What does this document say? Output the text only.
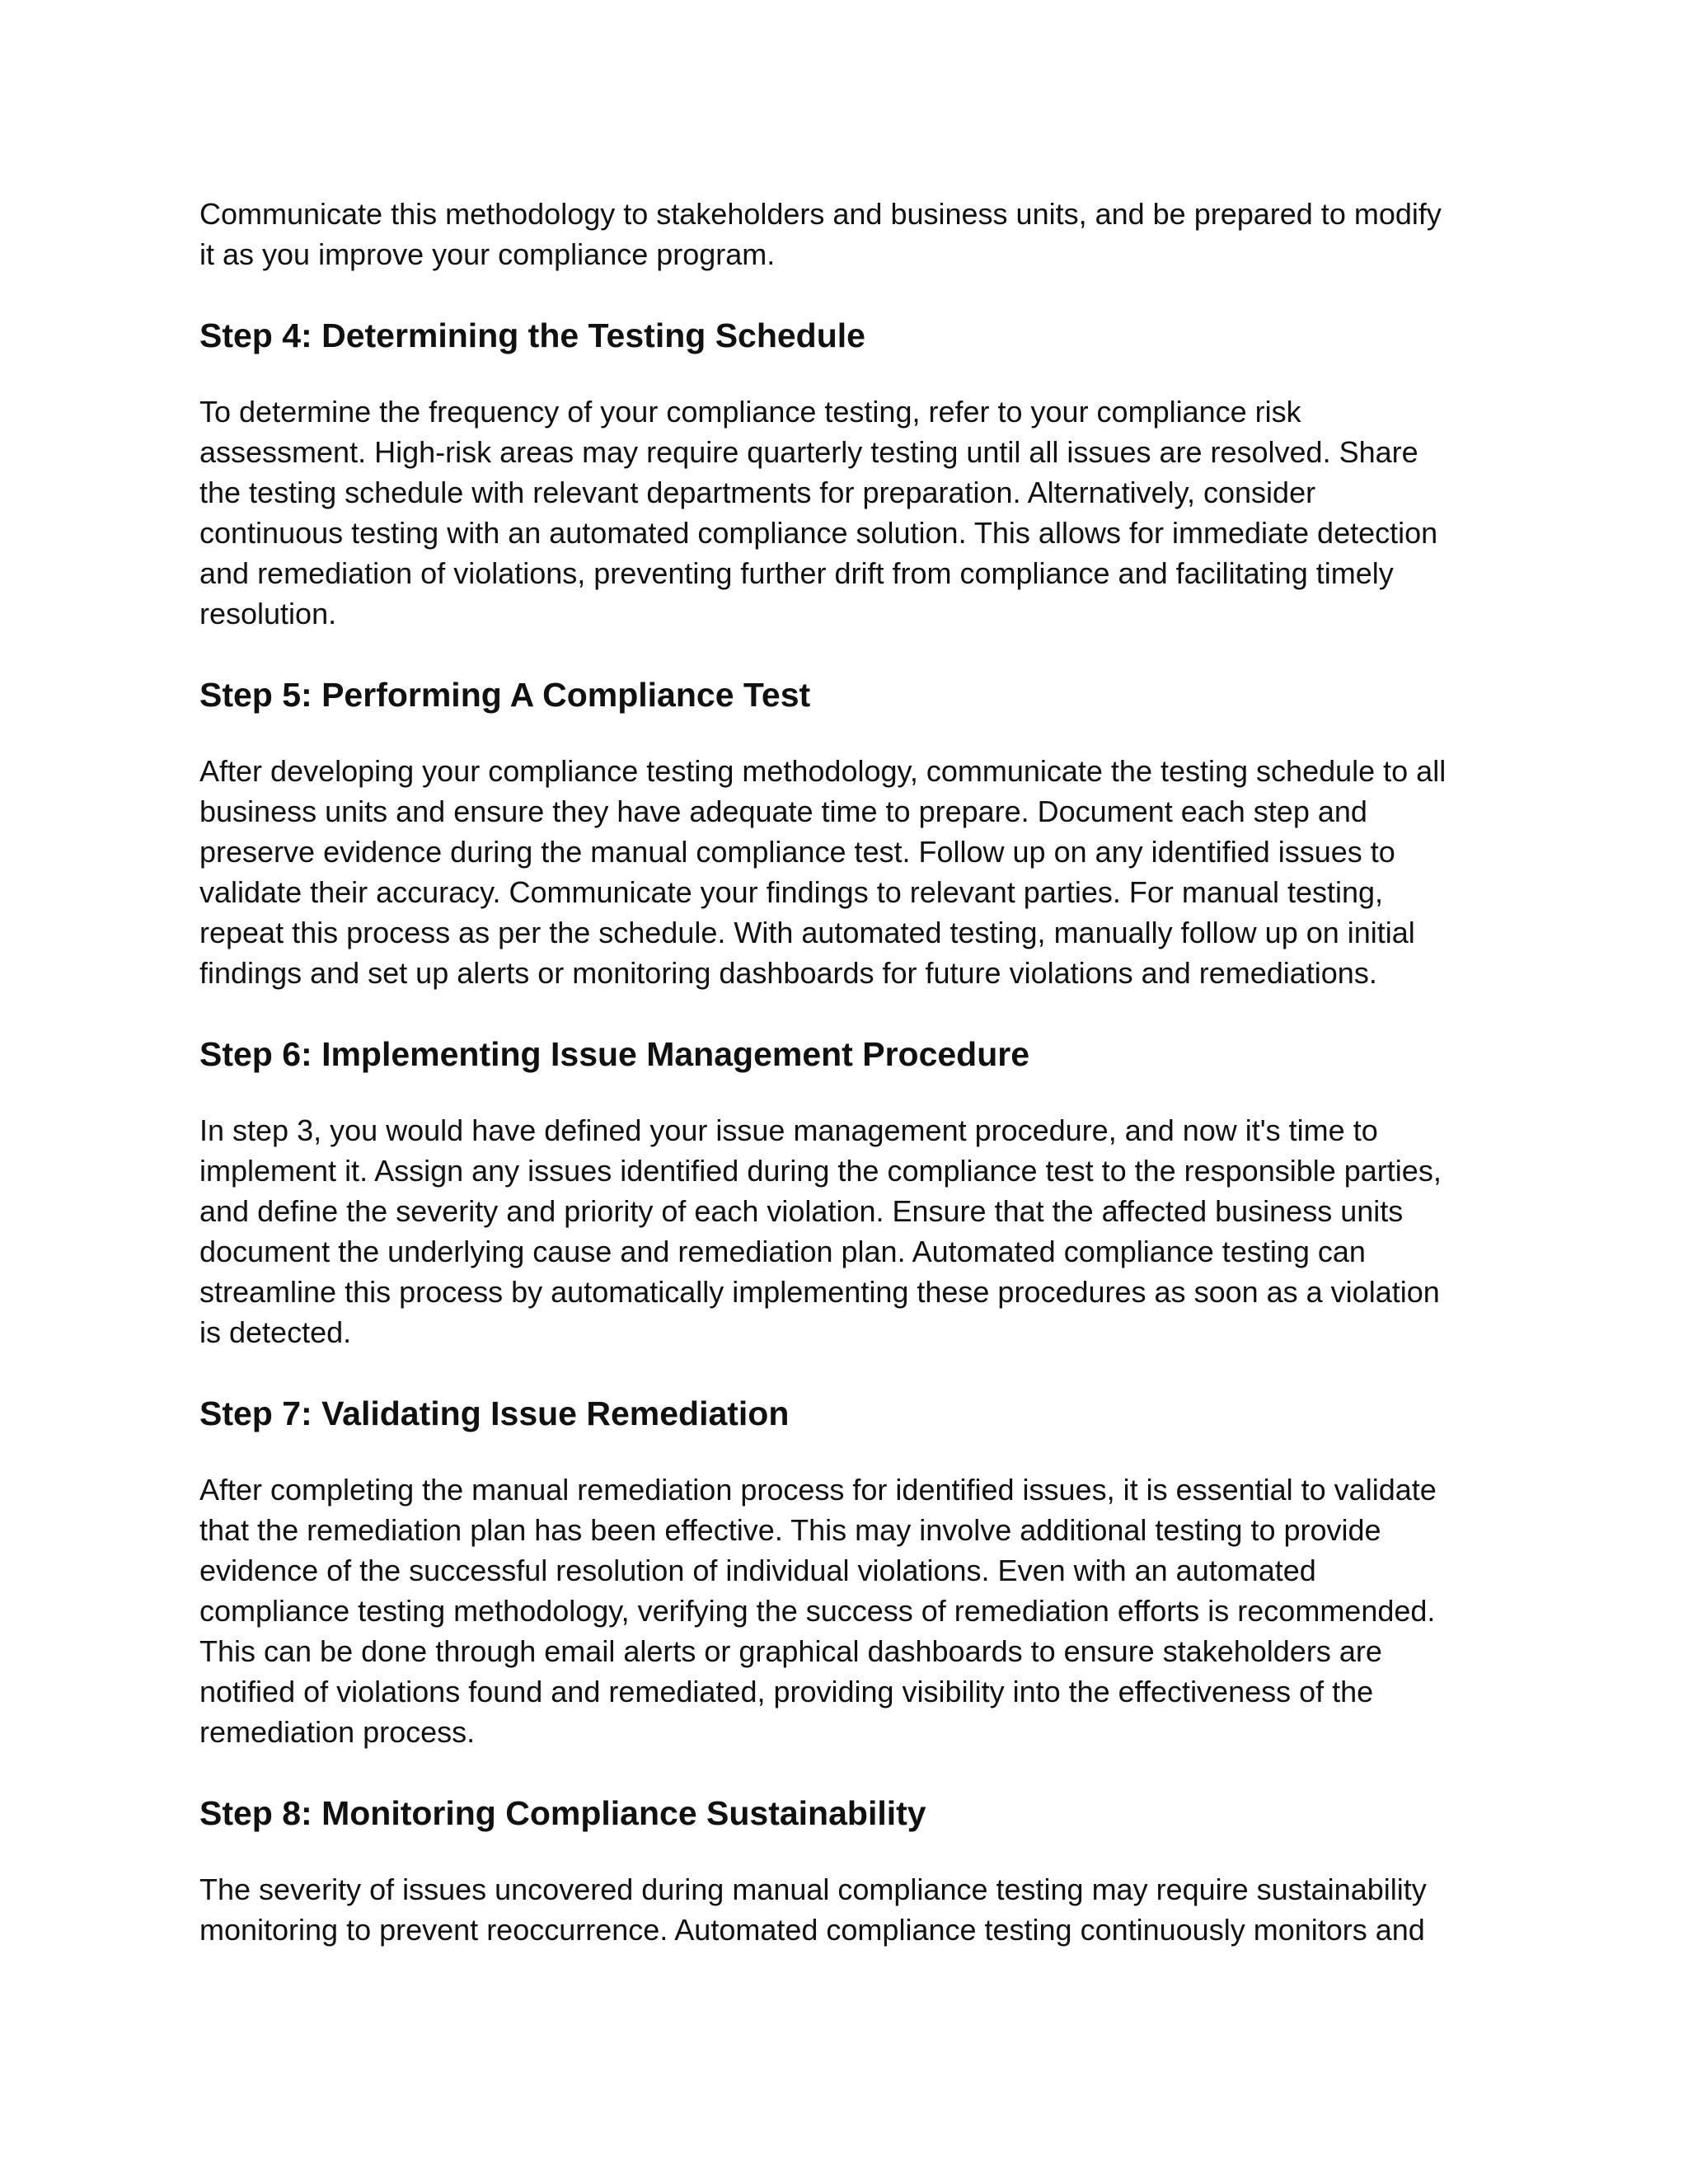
Communicate this methodology to stakeholders and business units, and be prepared to modify
it as you improve your compliance program.

Step 4: Determining the Testing Schedule

To determine the frequency of your compliance testing, refer to your compliance risk
assessment. High-risk areas may require quarterly testing until all issues are resolved. Share
the testing schedule with relevant departments for preparation. Alternatively, consider
continuous testing with an automated compliance solution. This allows for immediate detection
and remediation of violations, preventing further drift from compliance and facilitating timely
resolution.

Step 5: Performing A Compliance Test

After developing your compliance testing methodology, communicate the testing schedule to all
business units and ensure they have adequate time to prepare. Document each step and
preserve evidence during the manual compliance test. Follow up on any identified issues to
validate their accuracy. Communicate your findings to relevant parties. For manual testing,
repeat this process as per the schedule. With automated testing, manually follow up on initial
findings and set up alerts or monitoring dashboards for future violations and remediations.

Step 6: Implementing Issue Management Procedure

In step 3, you would have defined your issue management procedure, and now it's time to
implement it. Assign any issues identified during the compliance test to the responsible parties,
and define the severity and priority of each violation. Ensure that the affected business units
document the underlying cause and remediation plan. Automated compliance testing can
streamline this process by automatically implementing these procedures as soon as a violation
is detected.

Step 7: Validating Issue Remediation

After completing the manual remediation process for identified issues, it is essential to validate
that the remediation plan has been effective. This may involve additional testing to provide
evidence of the successful resolution of individual violations. Even with an automated
compliance testing methodology, verifying the success of remediation efforts is recommended.
This can be done through email alerts or graphical dashboards to ensure stakeholders are
notified of violations found and remediated, providing visibility into the effectiveness of the
remediation process.

Step 8: Monitoring Compliance Sustainability

The severity of issues uncovered during manual compliance testing may require sustainability
monitoring to prevent reoccurrence. Automated compliance testing continuously monitors and
